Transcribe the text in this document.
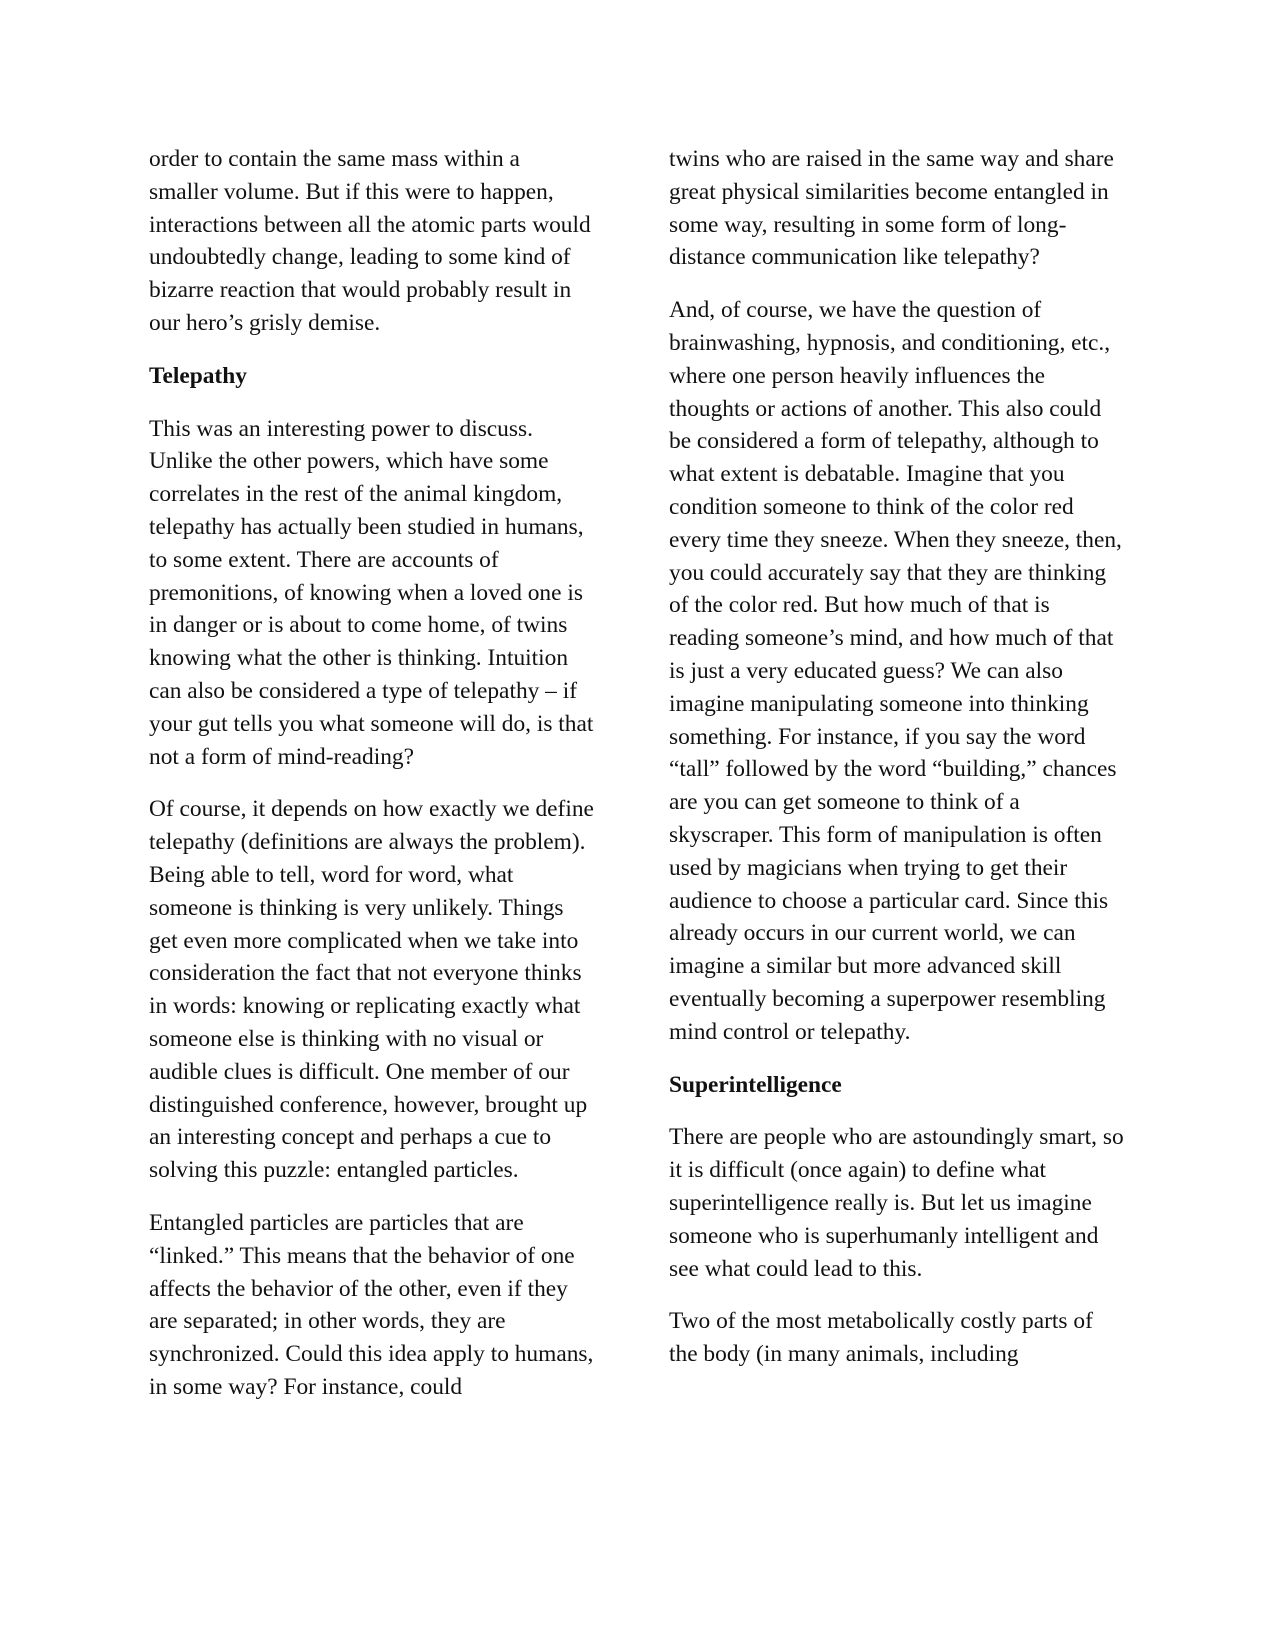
order to contain the same mass within a smaller volume. But if this were to happen, interactions between all the atomic parts would undoubtedly change, leading to some kind of bizarre reaction that would probably result in our hero’s grisly demise.

Telepathy

This was an interesting power to discuss. Unlike the other powers, which have some correlates in the rest of the animal kingdom, telepathy has actually been studied in humans, to some extent. There are accounts of premonitions, of knowing when a loved one is in danger or is about to come home, of twins knowing what the other is thinking. Intuition can also be considered a type of telepathy – if your gut tells you what someone will do, is that not a form of mind-reading?

Of course, it depends on how exactly we define telepathy (definitions are always the problem). Being able to tell, word for word, what someone is thinking is very unlikely. Things get even more complicated when we take into consideration the fact that not everyone thinks in words: knowing or replicating exactly what someone else is thinking with no visual or audible clues is difficult. One member of our distinguished conference, however, brought up an interesting concept and perhaps a cue to solving this puzzle: entangled particles.

Entangled particles are particles that are “linked.” This means that the behavior of one affects the behavior of the other, even if they are separated; in other words, they are synchronized. Could this idea apply to humans, in some way? For instance, could

twins who are raised in the same way and share great physical similarities become entangled in some way, resulting in some form of long-distance communication like telepathy?

And, of course, we have the question of brainwashing, hypnosis, and conditioning, etc., where one person heavily influences the thoughts or actions of another. This also could be considered a form of telepathy, although to what extent is debatable. Imagine that you condition someone to think of the color red every time they sneeze. When they sneeze, then, you could accurately say that they are thinking of the color red. But how much of that is reading someone’s mind, and how much of that is just a very educated guess? We can also imagine manipulating someone into thinking something. For instance, if you say the word “tall” followed by the word “building,” chances are you can get someone to think of a skyscraper. This form of manipulation is often used by magicians when trying to get their audience to choose a particular card. Since this already occurs in our current world, we can imagine a similar but more advanced skill eventually becoming a superpower resembling mind control or telepathy.

Superintelligence

There are people who are astoundingly smart, so it is difficult (once again) to define what superintelligence really is. But let us imagine someone who is superhumanly intelligent and see what could lead to this.

Two of the most metabolically costly parts of the body (in many animals, including
